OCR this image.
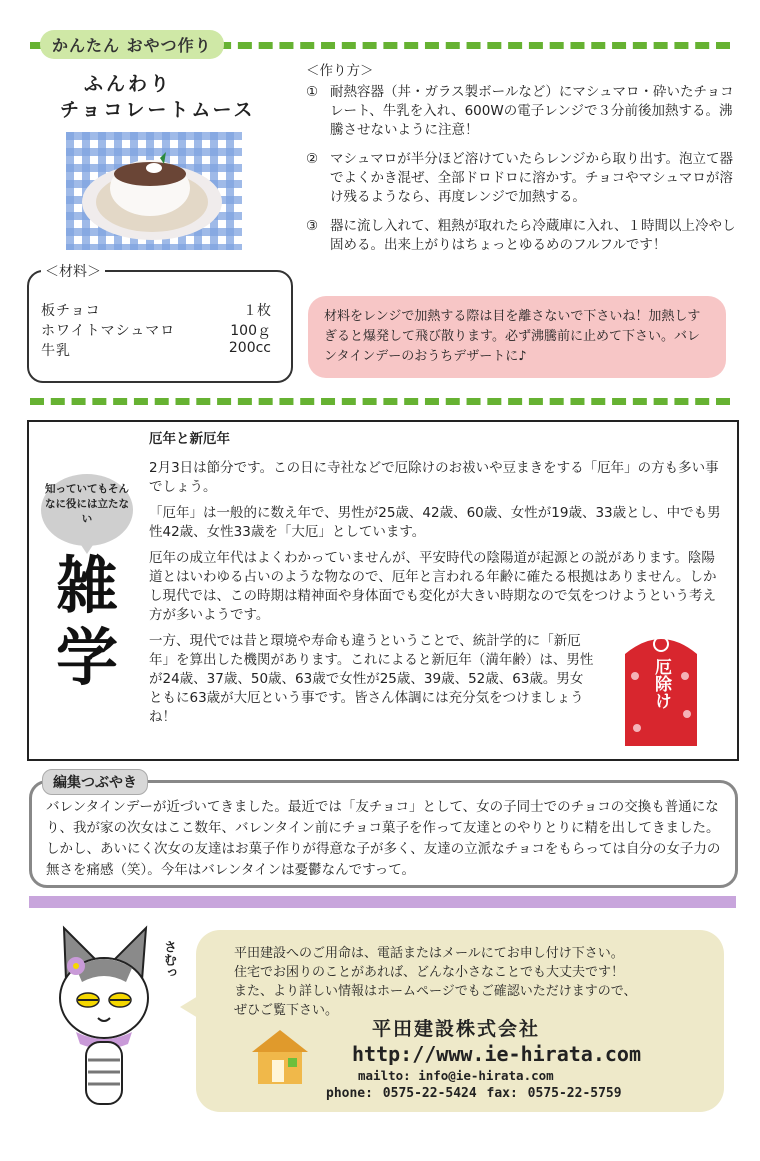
かんたん おやつ作り
ふんわり
チョコレートムース
＜材料＞
板チョコ	１枚
ホワイトマシュマロ	100ｇ
牛乳	200cc
＜作り方＞
① 耐熱容器（丼・ガラス製ボールなど）にマシュマロ・砕いたチョコレート、牛乳を入れ、600Wの電子レンジで３分前後加熱する。沸騰させないように注意！
② マシュマロが半分ほど溶けていたらレンジから取り出す。泡立て器でよくかき混ぜ、全部ドロドロに溶かす。チョコやマシュマロが溶け残るようなら、再度レンジで加熱する。
③ 器に流し入れて、粗熱が取れたら冷蔵庫に入れ、１時間以上冷やし固める。出来上がりはちょっとゆるめのフルフルです！
材料をレンジで加熱する際は目を離さないで下さいね！加熱しすぎると爆発して飛び散ります。必ず沸騰前に止めて下さい。バレンタインデーのおうちデザートに♪
知っていてもそんなに役には立たない
雑学

厄年と新厄年

2月3日は節分です。この日に寺社などで厄除けのお祓いや豆まきをする「厄年」の方も多い事でしょう。

「厄年」は一般的に数え年で、男性が25歳、42歳、60歳、女性が19歳、33歳とし、中でも男性42歳、女性33歳を「大厄」としています。

厄年の成立年代はよくわかっていませんが、平安時代の陰陽道が起源との説があります。陰陽道とはいわゆる占いのような物なので、厄年と言われる年齢に確たる根拠はありません。しかし現代では、この時期は精神面や身体面でも変化が大きい時期なので気をつけようという考え方が多いようです。

一方、現代では昔と環境や寿命も違うということで、統計学的に「新厄年」を算出した機関があります。これによると新厄年（満年齢）は、男性が24歳、37歳、50歳、63歳で女性が25歳、39歳、52歳、63歳。男女ともに63歳が大厄という事です。皆さん体調には充分気をつけましょうね！

厄除け
バレンタインデーが近づいてきました。最近では「友チョコ」として、女の子同士でのチョコの交換も普通になり、我が家の次女はここ数年、バレンタイン前にチョコ菓子を作って友達とのやりとりに精を出してきました。しかし、あいにく次女の友達はお菓子作りが得意な子が多く、友達の立派なチョコをもらっては自分の女子力の無さを痛感（笑）。今年はバレンタインは憂鬱なんですって。
編集つぶやき
さむっ	平田建設へのご用命は、電話またはメールにてお申し付け下さい。
住宅でお困りのことがあれば、どんな小さなことでも大丈夫です！
また、より詳しい情報はホームページでもご確認いただけますので、
ぜひご覧下さい。
平田建設株式会社
http://www.ie-hirata.com
mailto: info@ie-hirata.com
phone: 0575-22-5424 fax: 0575-22-5759
